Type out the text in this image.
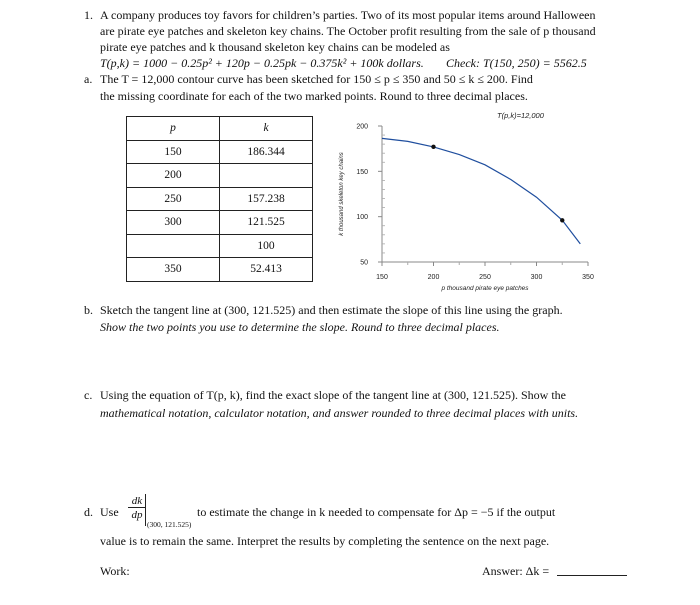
1. A company produces toy favors for children’s parties. Two of its most popular items around Halloween
are pirate eye patches and skeleton key chains. The October profit resulting from the sale of p thousand
pirate eye patches and k thousand skeleton key chains can be modeled as
T(p,k) = 1000 − 0.25p² + 120p − 0.25pk − 0.375k² + 100k dollars. Check: T(150, 250) = 5562.5
a. The T = 12,000 contour curve has been sketched for 150 ≤ p ≤ 350 and 50 ≤ k ≤ 200. Find
the missing coordinate for each of the two marked points. Round to three decimal places.
p	k
150	186.344
200	
250	157.238
300	121.525
	100
350	52.413
150	200	250	300	350
50
100
150
200
T(p,k)=12,000
p thousand pirate eye patches
k thousand skeleton key chains
b. Sketch the tangent line at (300, 121.525) and then estimate the slope of this line using the graph.
Show the two points you use to determine the slope. Round to three decimal places.
c. Using the equation of T(p, k), find the exact slope of the tangent line at (300, 121.525). Show the
mathematical notation, calculator notation, and answer rounded to three decimal places with units.
d. Use
dk
dp
(300, 121.525)
to estimate the change in k needed to compensate for Δp = −5 if the output
value is to remain the same. Interpret the results by completing the sentence on the next page.
Work:	Answer: Δk =
